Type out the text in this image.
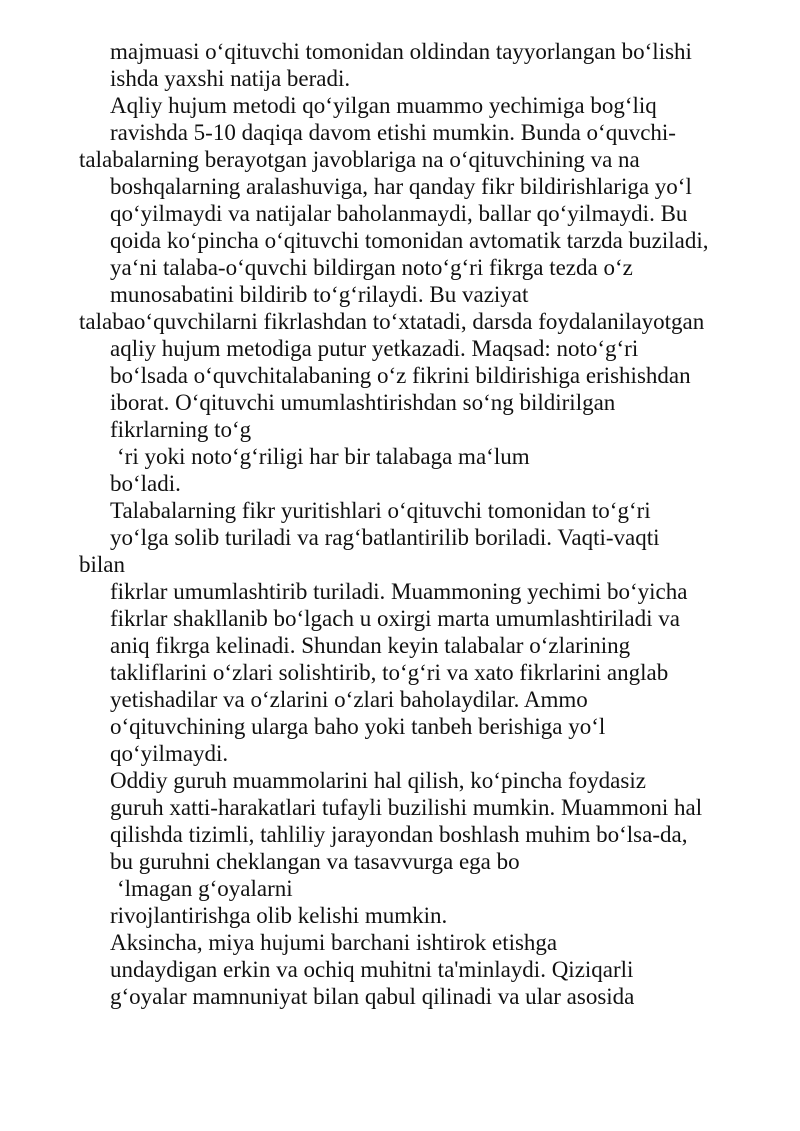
majmuasi o‘qituvchi tomonidan oldindan tayyorlangan bo‘lishi
ishda yaxshi natija beradi.
Aqliy hujum metodi qo‘yilgan muammo yechimiga bog‘liq
ravishda 5-10 daqiqa davom etishi mumkin. Bunda o‘quvchi-
talabalarning berayotgan javoblariga na o‘qituvchining va na
boshqalarning aralashuviga, har qanday fikr bildirishlariga yo‘l
qo‘yilmaydi va natijalar baholanmaydi, ballar qo‘yilmaydi. Bu
qoida ko‘pincha o‘qituvchi tomonidan avtomatik tarzda buziladi,
ya‘ni talaba-o‘quvchi bildirgan noto‘g‘ri fikrga tezda o‘z
munosabatini bildirib to‘g‘rilaydi. Bu vaziyat
talabao‘quvchilarni fikrlashdan to‘xtatadi, darsda foydalanilayotgan
aqliy hujum metodiga putur yetkazadi. Maqsad: noto‘g‘ri
bo‘lsada o‘quvchitalabaning o‘z fikrini bildirishiga erishishdan
iborat. O‘qituvchi umumlashtirishdan so‘ng bildirilgan
fikrlarning to‘g
‘ri yoki noto‘g‘riligi har bir talabaga ma‘lum
bo‘ladi.
Talabalarning fikr yuritishlari o‘qituvchi tomonidan to‘g‘ri
yo‘lga solib turiladi va rag‘batlantirilib boriladi. Vaqti-vaqti
bilan
fikrlar umumlashtirib turiladi. Muammoning yechimi bo‘yicha
fikrlar shakllanib bo‘lgach u oxirgi marta umumlashtiriladi va
aniq fikrga kelinadi. Shundan keyin talabalar o‘zlarining
takliflarini o‘zlari solishtirib, to‘g‘ri va xato fikrlarini anglab
yetishadilar va o‘zlarini o‘zlari baholaydilar. Ammo
o‘qituvchining ularga baho yoki tanbeh berishiga yo‘l
qo‘yilmaydi.
Oddiy guruh muammolarini hal qilish, ko‘pincha foydasiz
guruh xatti-harakatlari tufayli buzilishi mumkin. Muammoni hal
qilishda tizimli, tahliliy jarayondan boshlash muhim bo‘lsa-da,
bu guruhni cheklangan va tasavvurga ega bo
‘lmagan g‘oyalarni
rivojlantirishga olib kelishi mumkin.
Aksincha, miya hujumi barchani ishtirok etishga
undaydigan erkin va ochiq muhitni ta'minlaydi. Qiziqarli
g‘oyalar mamnuniyat bilan qabul qilinadi va ular asosida
